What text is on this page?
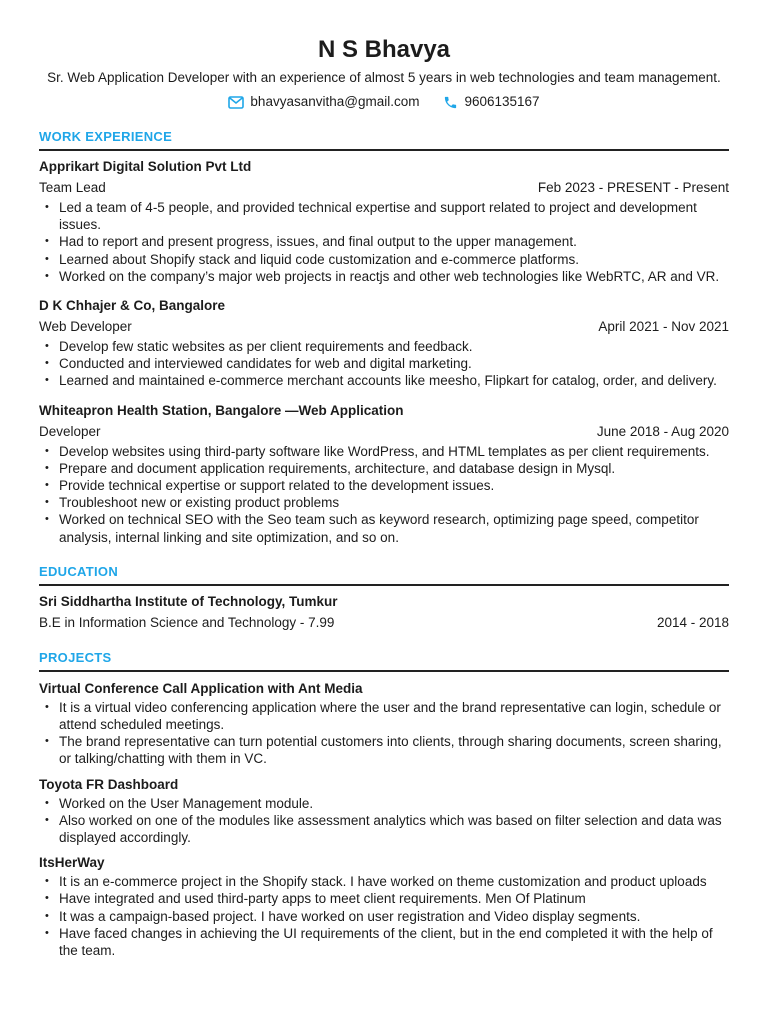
N S Bhavya
Sr. Web Application Developer with an experience of almost 5 years in web technologies and team management.
bhavyasanvitha@gmail.com	9606135167
WORK EXPERIENCE
Apprikart Digital Solution Pvt Ltd
Team Lead	Feb 2023 - PRESENT - Present
• Led a team of 4-5 people, and provided technical expertise and support related to project and development issues.
• Had to report and present progress, issues, and final output to the upper management.
• Learned about Shopify stack and liquid code customization and e-commerce platforms.
• Worked on the company’s major web projects in reactjs and other web technologies like WebRTC, AR and VR.
D K Chhajer & Co, Bangalore
Web Developer	April 2021 - Nov 2021
• Develop few static websites as per client requirements and feedback.
• Conducted and interviewed candidates for web and digital marketing.
• Learned and maintained e-commerce merchant accounts like meesho, Flipkart for catalog, order, and delivery.
Whiteapron Health Station, Bangalore —Web Application
Developer	June 2018 - Aug 2020
• Develop websites using third-party software like WordPress, and HTML templates as per client requirements.
• Prepare and document application requirements, architecture, and database design in Mysql.
• Provide technical expertise or support related to the development issues.
• Troubleshoot new or existing product problems
• Worked on technical SEO with the Seo team such as keyword research, optimizing page speed, competitor analysis, internal linking and site optimization, and so on.
EDUCATION
Sri Siddhartha Institute of Technology, Tumkur
B.E in Information Science and Technology - 7.99	2014 - 2018
PROJECTS
Virtual Conference Call Application with Ant Media
• It is a virtual video conferencing application where the user and the brand representative can login, schedule or attend scheduled meetings.
• The brand representative can turn potential customers into clients, through sharing documents, screen sharing, or talking/chatting with them in VC.
Toyota FR Dashboard
• Worked on the User Management module.
• Also worked on one of the modules like assessment analytics which was based on filter selection and data was displayed accordingly.
ItsHerWay
• It is an e-commerce project in the Shopify stack. I have worked on theme customization and product uploads
• Have integrated and used third-party apps to meet client requirements. Men Of Platinum
• It was a campaign-based project. I have worked on user registration and Video display segments.
• Have faced changes in achieving the UI requirements of the client, but in the end completed it with the help of the team.
